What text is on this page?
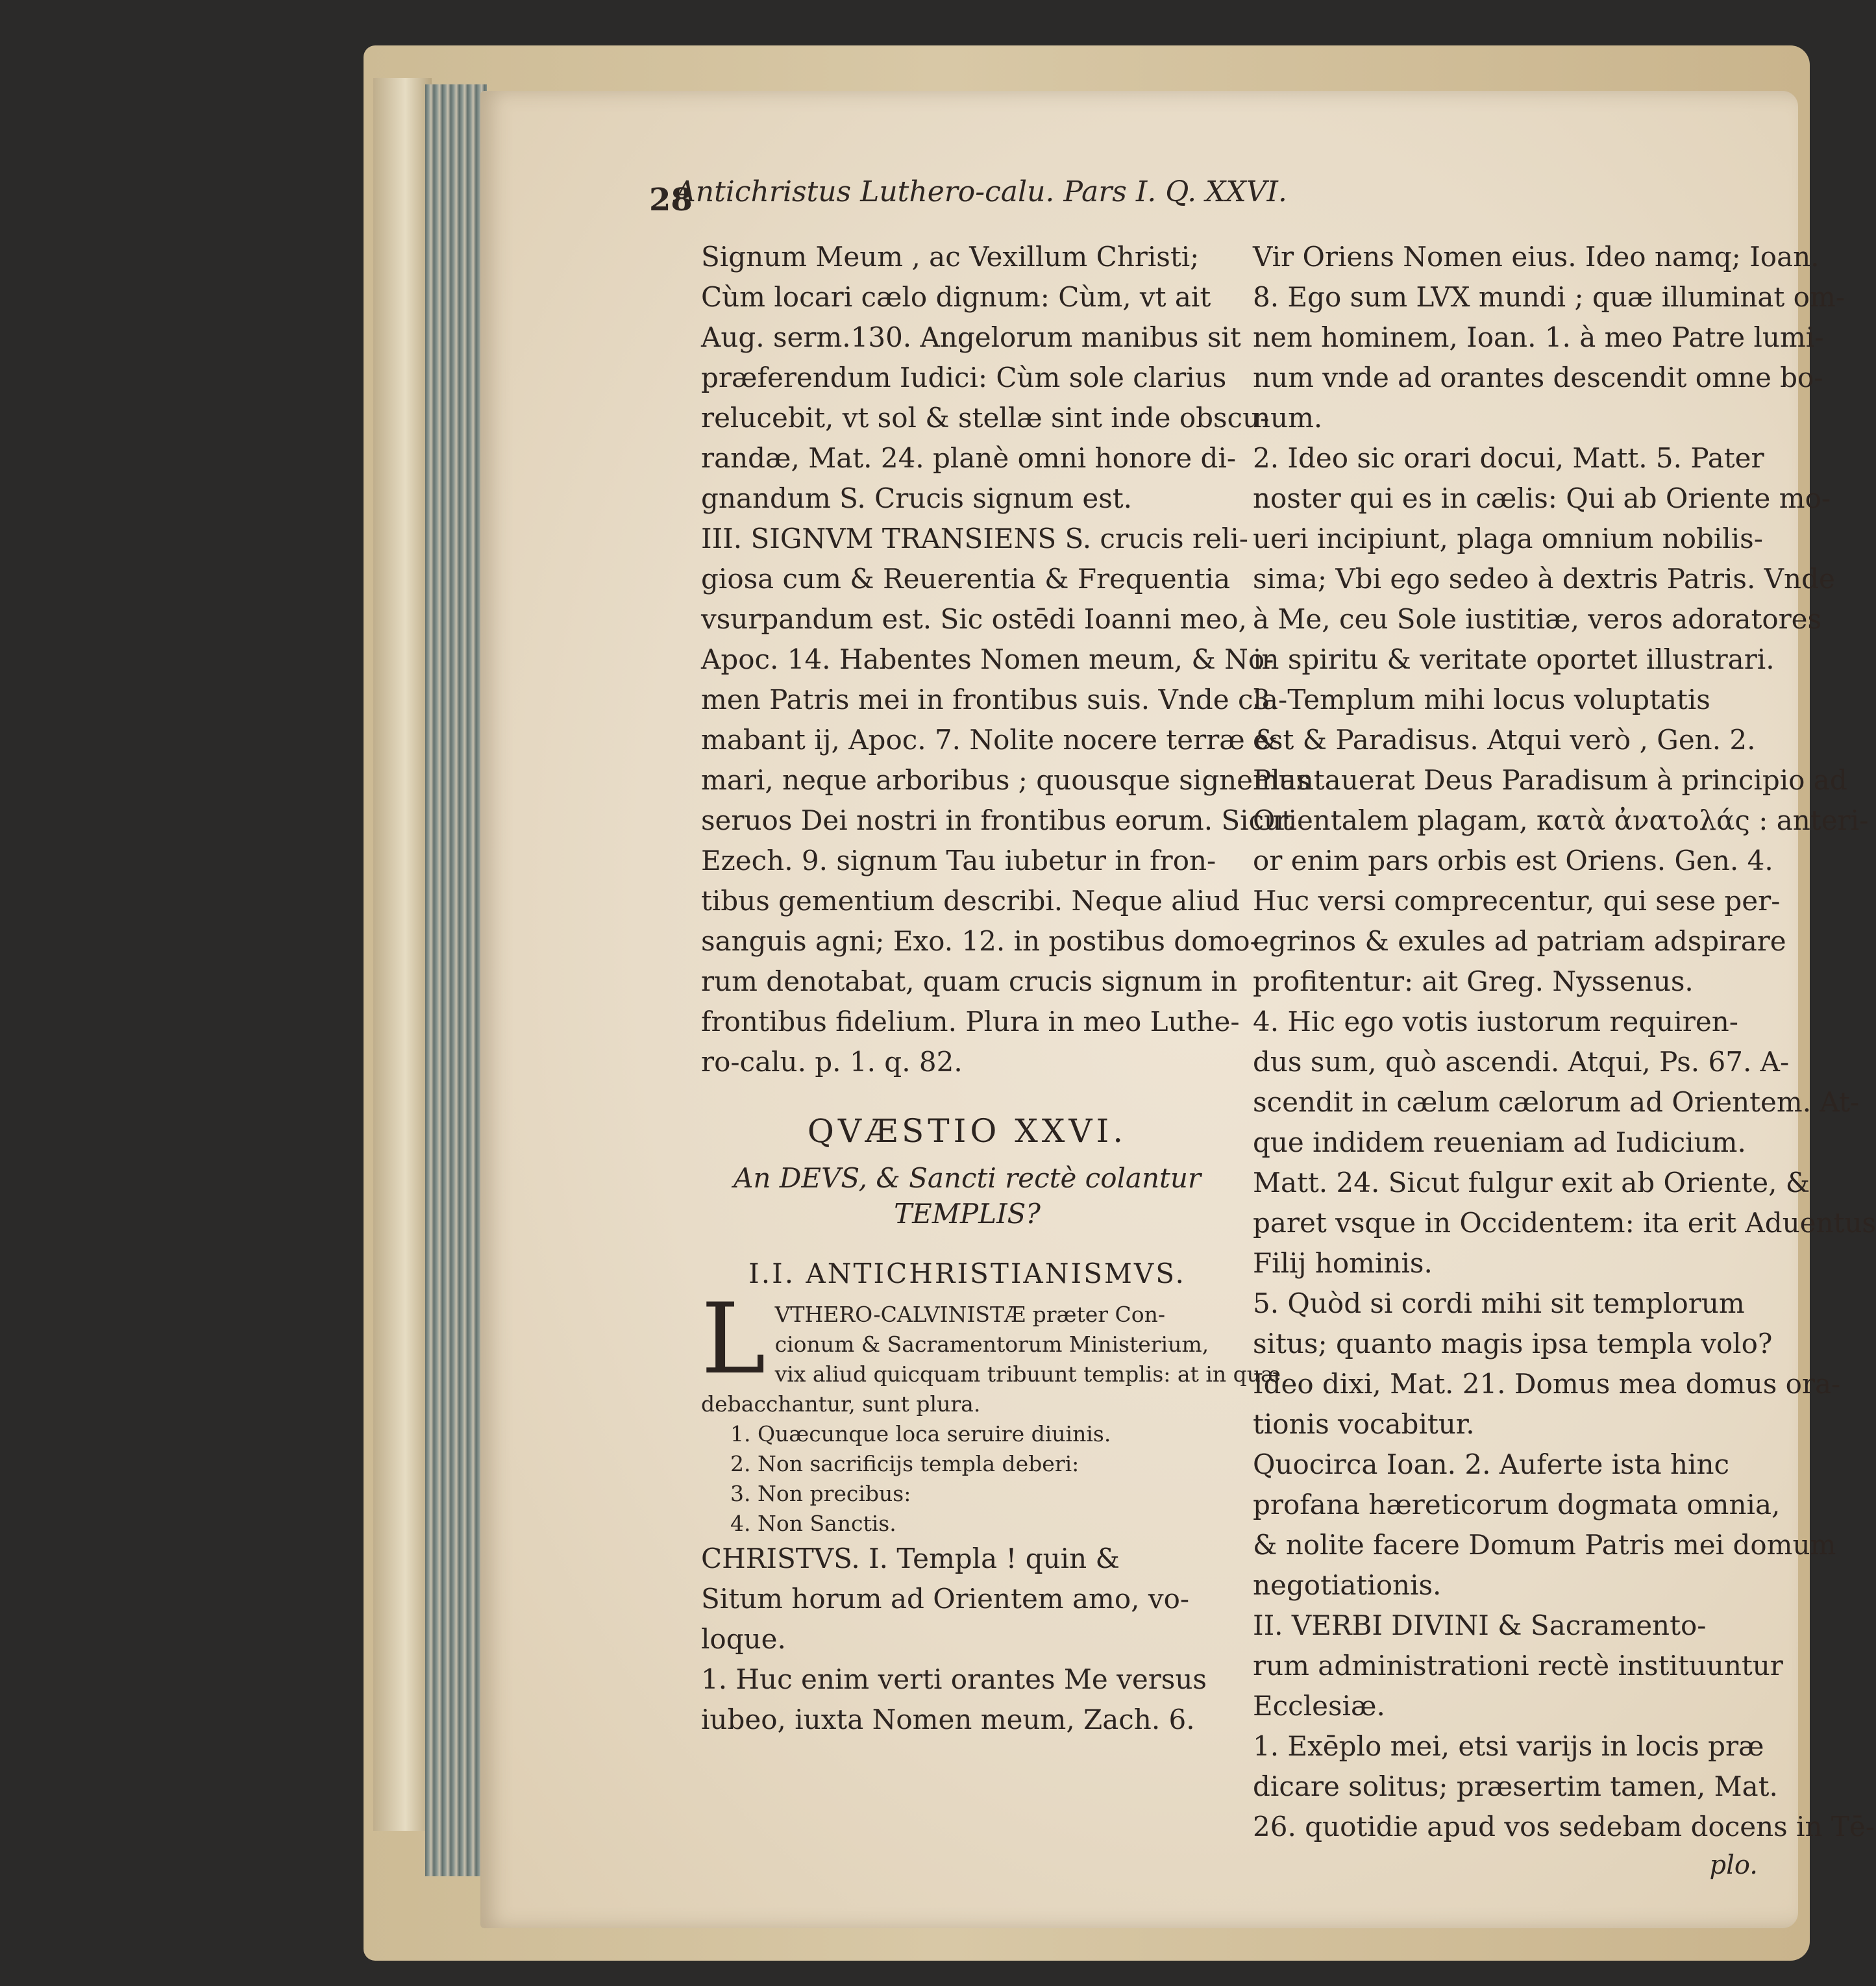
28
Antichristus Luthero-calu. Pars I. Q. XXVI.
Signum Meum , ac Vexillum Christi;
Cùm locari cælo dignum: Cùm, vt ait
Aug. serm.130. Angelorum manibus sit
præferendum Iudici: Cùm sole clarius
relucebit, vt sol & stellæ sint inde obscu-
randæ, Mat. 24. planè omni honore di-
gnandum S. Crucis signum est.
III. SIGNVM TRANSIENS S. crucis reli-
giosa cum & Reuerentia & Frequentia
vsurpandum est. Sic ostēdi Ioanni meo,
Apoc. 14. Habentes Nomen meum, & No-
men Patris mei in frontibus suis. Vnde cla-
mabant ij, Apoc. 7. Nolite nocere terræ &
mari, neque arboribus ; quousque signemus
seruos Dei nostri in frontibus eorum. Sicut
Ezech. 9. signum Tau iubetur in fron-
tibus gementium describi. Neque aliud
sanguis agni; Exo. 12. in postibus domo-
rum denotabat, quam crucis signum in
frontibus fidelium. Plura in meo Luthe-
ro-calu. p. 1. q. 82.
QVÆSTIO XXVI.
An DEVS, & Sancti rectè colantur
TEMPLIS?
I.I. ANTICHRISTIANISMVS.
L VTHERO-CALVINISTÆ præter Con-
cionum & Sacramentorum Ministerium,
vix aliud quicquam tribuunt templis: at in quæ
debacchantur, sunt plura.
1. Quæcunque loca seruire diuinis.
2. Non sacrificijs templa deberi:
3. Non precibus:
4. Non Sanctis.
CHRISTVS. I. Templa ! quin &
Situm horum ad Orientem amo, vo-
loque.
1. Huc enim verti orantes Me versus
iubeo, iuxta Nomen meum, Zach. 6.
Vir Oriens Nomen eius. Ideo namq; Ioan.
8. Ego sum LVX mundi ; quæ illuminat om-
nem hominem, Ioan. 1. à meo Patre lumi-
num vnde ad orantes descendit omne bo-
num.
2. Ideo sic orari docui, Matt. 5. Pater
noster qui es in cælis: Qui ab Oriente mo-
ueri incipiunt, plaga omnium nobilis-
sima; Vbi ego sedeo à dextris Patris. Vnde
à Me, ceu Sole iustitiæ, veros adoratores
in spiritu & veritate oportet illustrari.
3. Templum mihi locus voluptatis
est & Paradisus. Atqui verò , Gen. 2.
Plantauerat Deus Paradisum à principio ad
Orientalem plagam, κατὰ ἀνατολάς : anteri-
or enim pars orbis est Oriens. Gen. 4.
Huc versi comprecentur, qui sese per-
egrinos & exules ad patriam adspirare
profitentur: ait Greg. Nyssenus.
4. Hic ego votis iustorum requiren-
dus sum, quò ascendi. Atqui, Ps. 67. A-
scendit in cælum cælorum ad Orientem. At-
que indidem reueniam ad Iudicium.
Matt. 24. Sicut fulgur exit ab Oriente, &
paret vsque in Occidentem: ita erit Aduentus
Filij hominis.
5. Quòd si cordi mihi sit templorum
situs; quanto magis ipsa templa volo?
Ideo dixi, Mat. 21. Domus mea domus ora-
tionis vocabitur.
Quocirca Ioan. 2. Auferte ista hinc
profana hæreticorum dogmata omnia,
& nolite facere Domum Patris mei domum
negotiationis.
II. VERBI DIVINI & Sacramento-
rum administrationi rectè instituuntur
Ecclesiæ.
1. Exēplo mei, etsi varijs in locis præ
dicare solitus; præsertim tamen, Mat.
26. quotidie apud vos sedebam docens in Tē-
plo.
